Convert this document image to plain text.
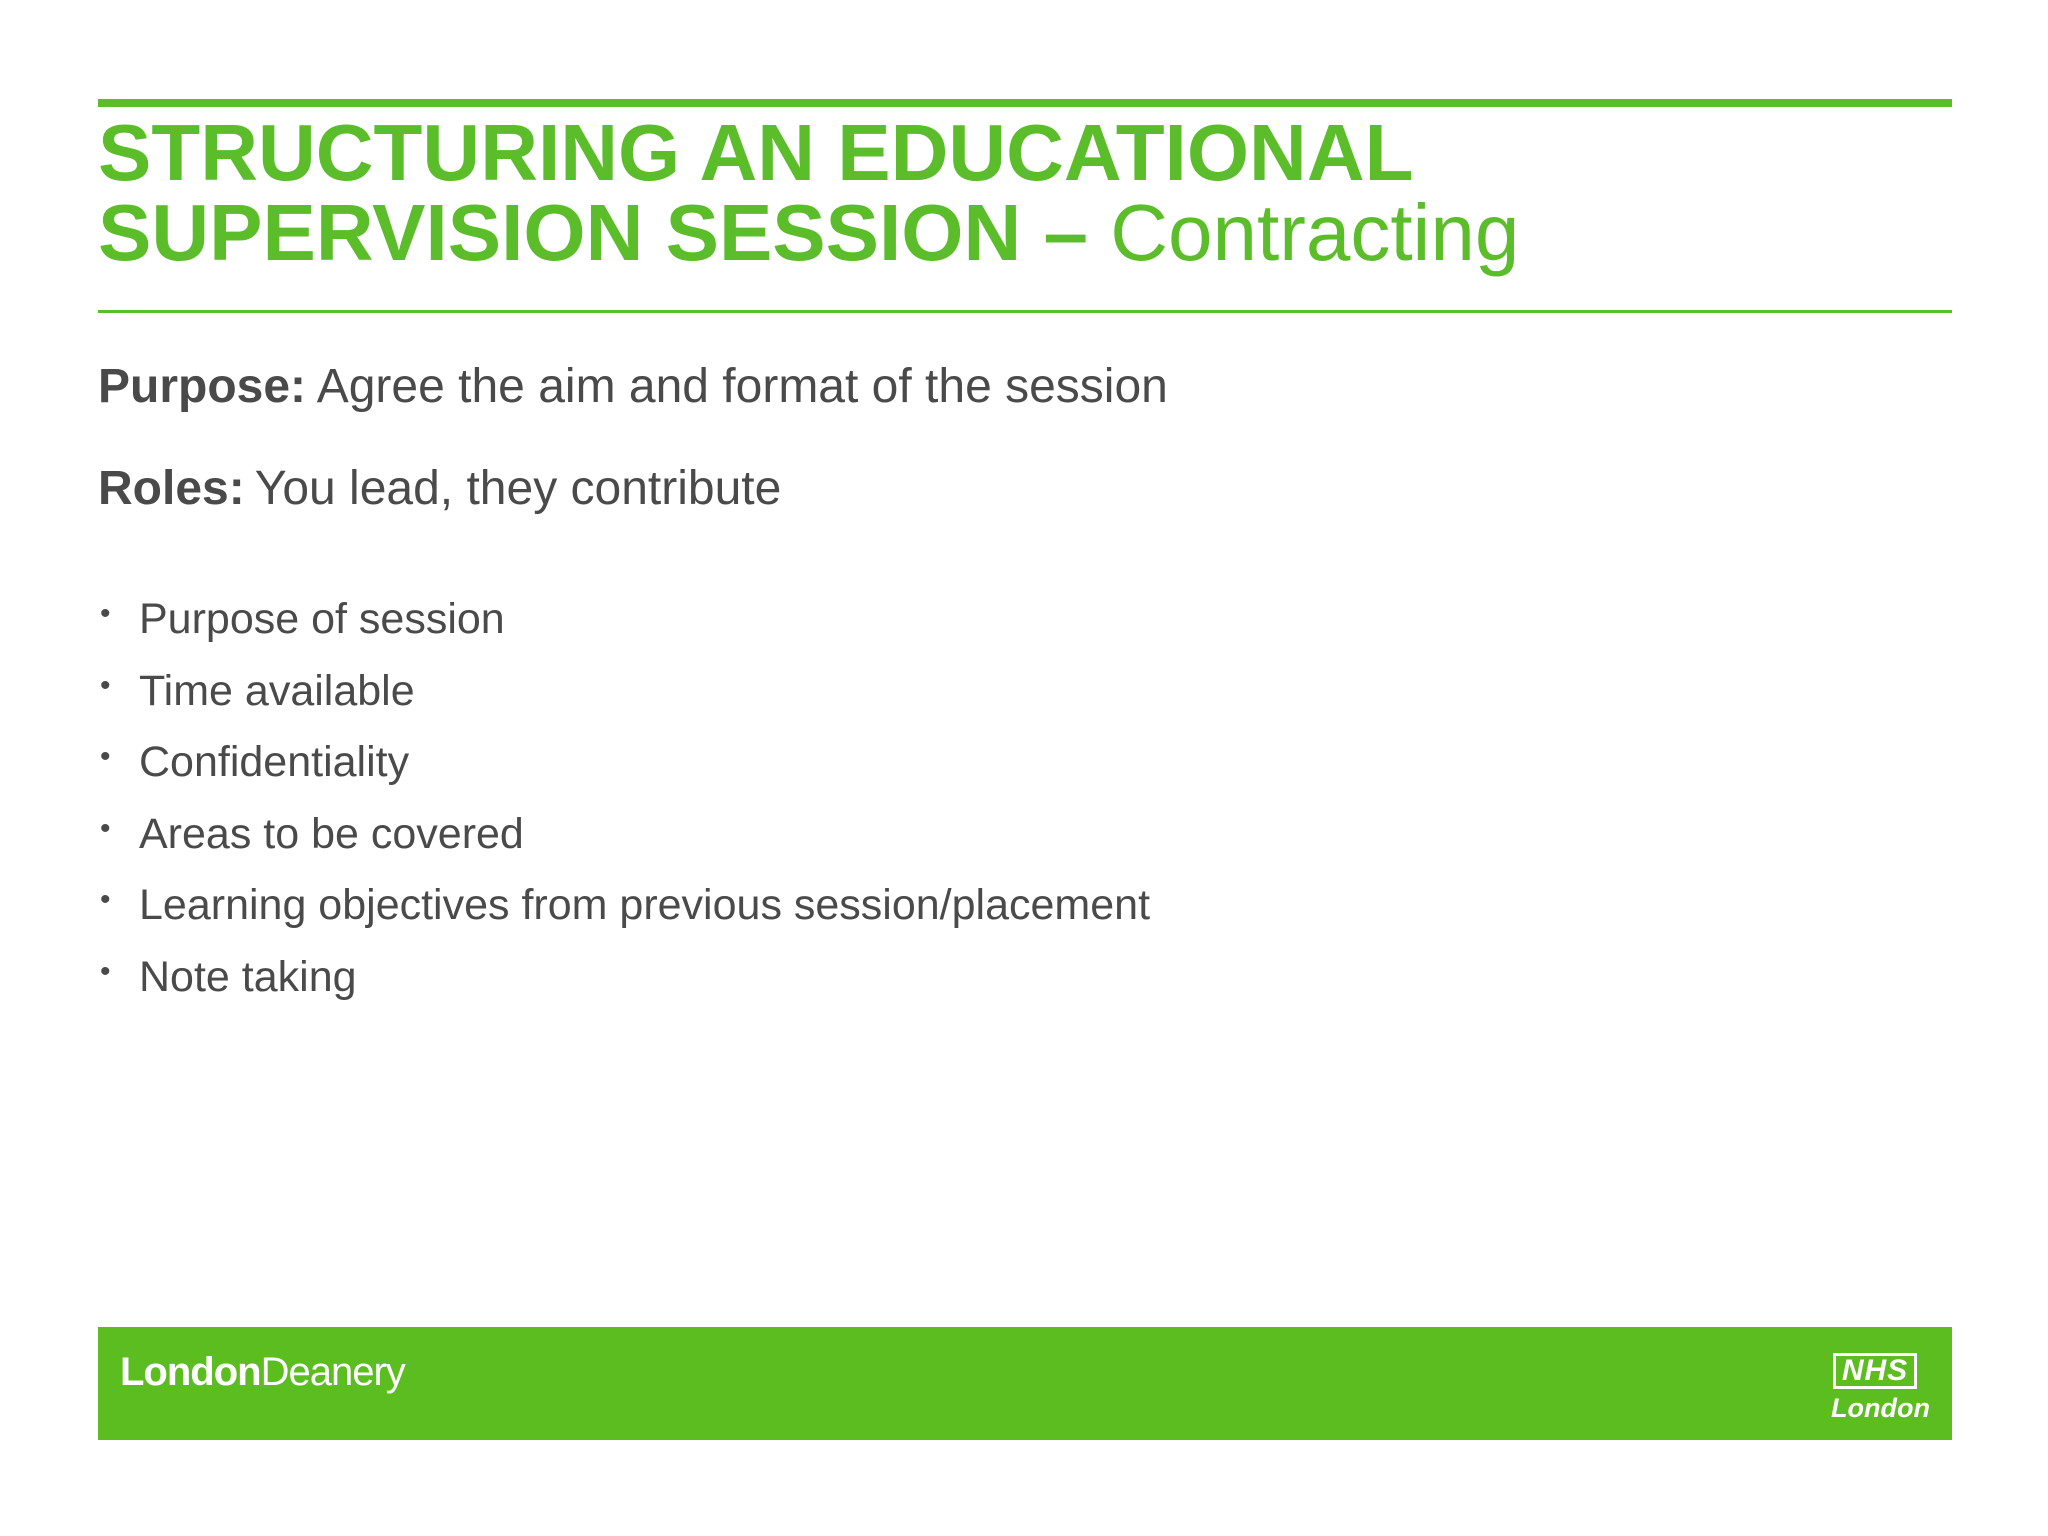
STRUCTURING AN EDUCATIONAL
SUPERVISION SESSION – Contracting
Purpose: Agree the aim and format of the session
Roles: You lead, they contribute
• Purpose of session
• Time available
• Confidentiality
• Areas to be covered
• Learning objectives from previous session/placement
• Note taking
LondonDeanery	NHS
London
